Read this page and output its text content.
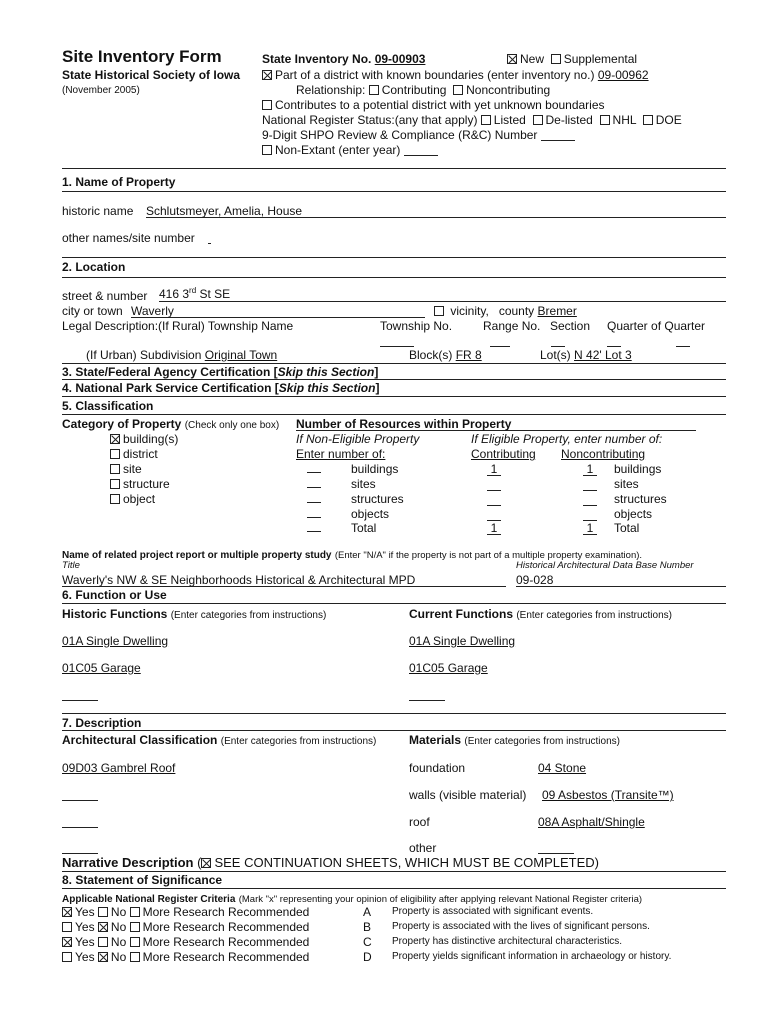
Site Inventory Form
State Historical Society of Iowa
(November 2005)
State Inventory No. 09-00903	New Supplemental
Part of a district with known boundaries (enter inventory no.) 09-00962
Relationship: Contributing Noncontributing
Contributes to a potential district with yet unknown boundaries
National Register Status:(any that apply) Listed De-listed NHL DOE
9-Digit SHPO Review & Compliance (R&C) Number
Non-Extant (enter year)
1. Name of Property
historic name Schlutsmeyer, Amelia, House
other names/site number
2. Location
street & number 416 3rd St SE
city or town Waverly	vicinity, county Bremer
Legal Description:(If Rural) Township Name	Township No.	Range No. Section Quarter of Quarter
(If Urban) Subdivision Original Town	Block(s) FR 8	Lot(s) N 42' Lot 3
3. State/Federal Agency Certification [Skip this Section]
4. National Park Service Certification [Skip this Section]
5. Classification
Category of Property (Check only one box)
building(s)
district
site
structure
object
Number of Resources within Property
If Non-Eligible Property	If Eligible Property, enter number of:
Enter number of:	Contributing Noncontributing
buildings	1	1	buildings
sites	sites
structures	structures
objects	objects
Total	1	1	Total
Name of related project report or multiple property study (Enter "N/A" if the property is not part of a multiple property examination).
Title	Historical Architectural Data Base Number
Waverly's NW & SE Neighborhoods Historical & Architectural MPD	09-028
6. Function or Use
Historic Functions (Enter categories from instructions)	Current Functions (Enter categories from instructions)
01A Single Dwelling	01A Single Dwelling
01C05 Garage	01C05 Garage
7. Description
Architectural Classification (Enter categories from instructions)	Materials (Enter categories from instructions)
09D03 Gambrel Roof	foundation	04 Stone
walls (visible material) 09 Asbestos (Transite™)
roof	08A Asphalt/Shingle
other
Narrative Description ( SEE CONTINUATION SHEETS, WHICH MUST BE COMPLETED)
8. Statement of Significance
Applicable National Register Criteria (Mark "x" representing your opinion of eligibility after applying relevant National Register criteria)
Yes No More Research Recommended	A Property is associated with significant events.
Yes No More Research Recommended	B Property is associated with the lives of significant persons.
Yes No More Research Recommended	C Property has distinctive architectural characteristics.
Yes No More Research Recommended	D Property yields significant information in archaeology or history.
